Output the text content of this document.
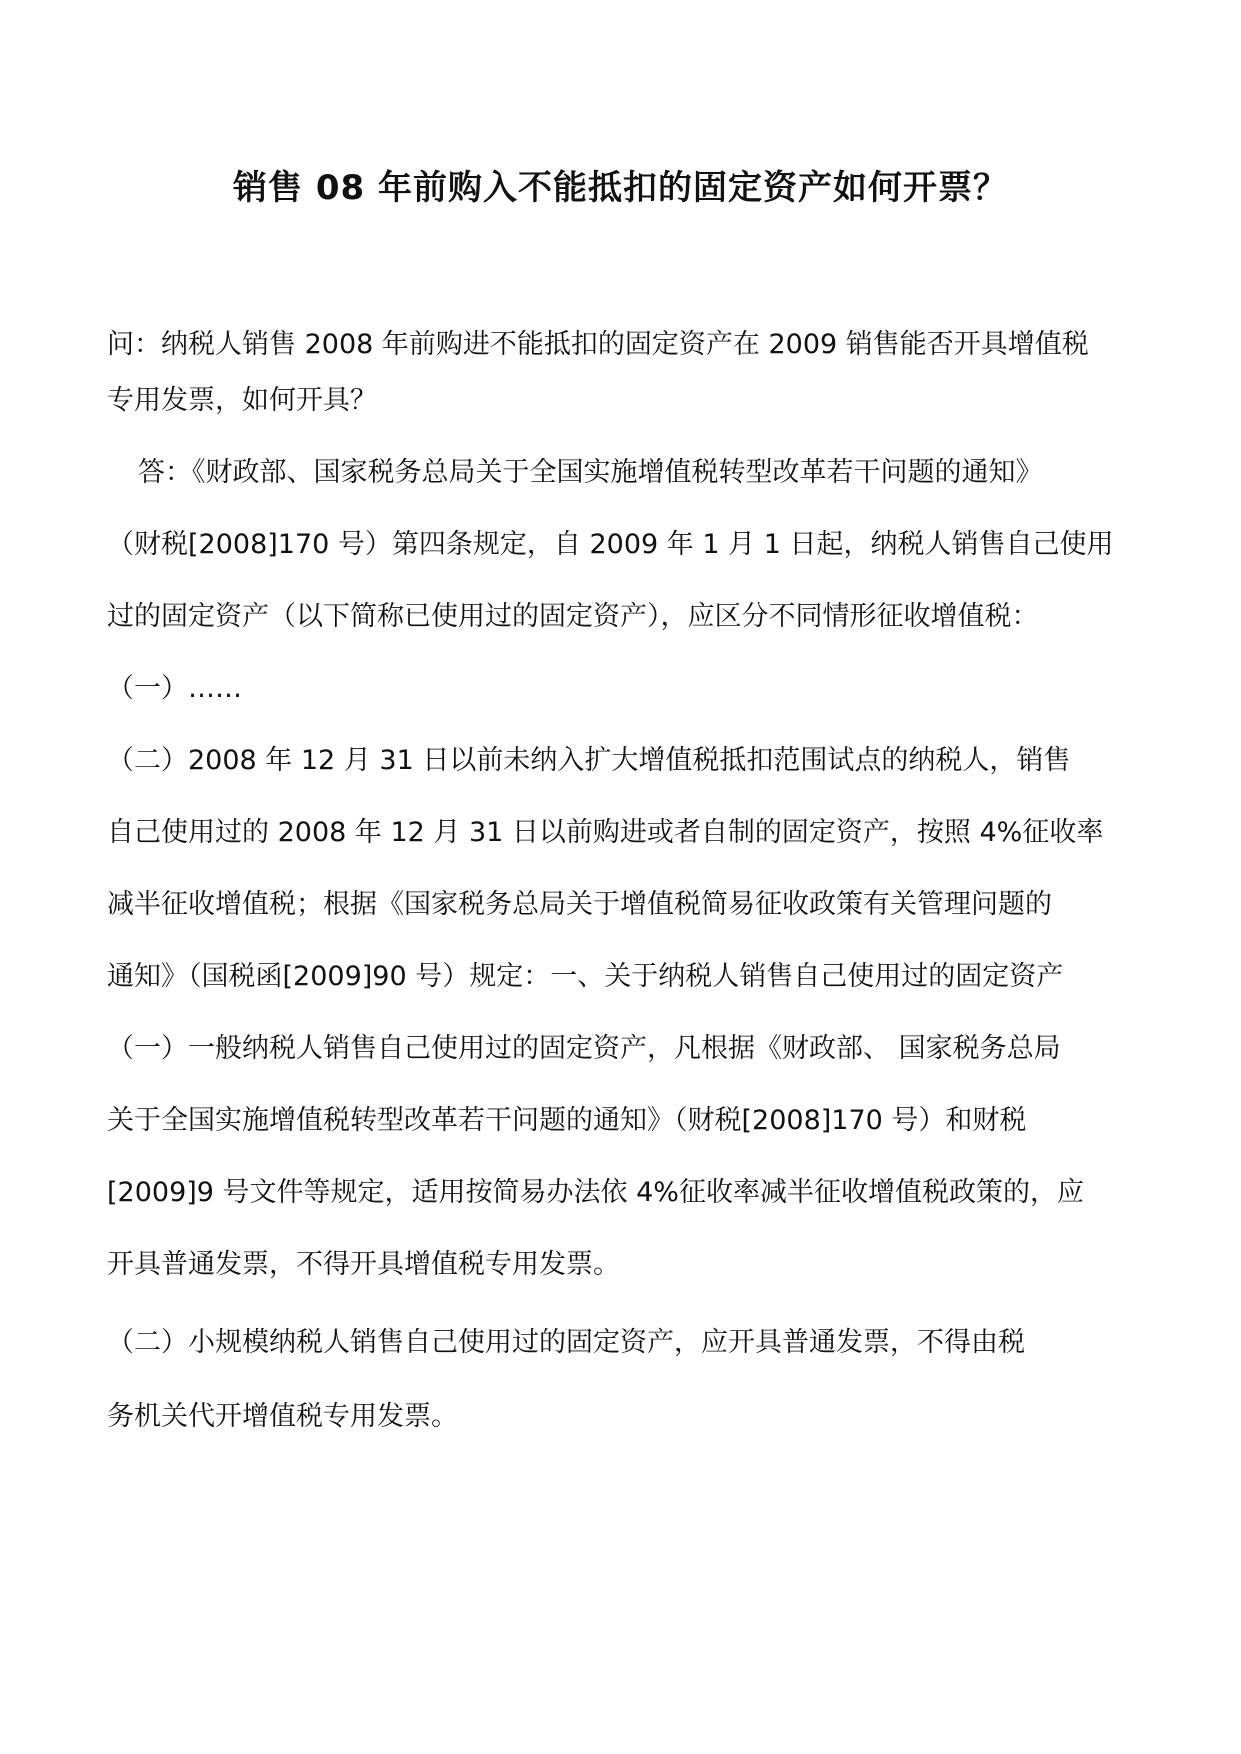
销售 08 年前购入不能抵扣的固定资产如何开票？

问：纳税人销售 2008 年前购进不能抵扣的固定资产在 2009 销售能否开具增值税

专用发票，如何开具？

答：《财政部、国家税务总局关于全国实施增值税转型改革若干问题的通知》

（财税[2008]170 号）第四条规定，自 2009 年 1 月 1 日起，纳税人销售自己使用

过的固定资产（以下简称已使用过的固定资产），应区分不同情形征收增值税：

（一）……

（二）2008 年 12 月 31 日以前未纳入扩大增值税抵扣范围试点的纳税人，销售

自己使用过的 2008 年 12 月 31 日以前购进或者自制的固定资产，按照 4%征收率

减半征收增值税；根据《国家税务总局关于增值税简易征收政策有关管理问题的

通知》（国税函[2009]90 号）规定：一、关于纳税人销售自己使用过的固定资产

（一）一般纳税人销售自己使用过的固定资产，凡根据《财政部、 国家税务总局

关于全国实施增值税转型改革若干问题的通知》（财税[2008]170 号）和财税

[2009]9 号文件等规定，适用按简易办法依 4%征收率减半征收增值税政策的，应

开具普通发票，不得开具增值税专用发票。

（二）小规模纳税人销售自己使用过的固定资产，应开具普通发票，不得由税

务机关代开增值税专用发票。
